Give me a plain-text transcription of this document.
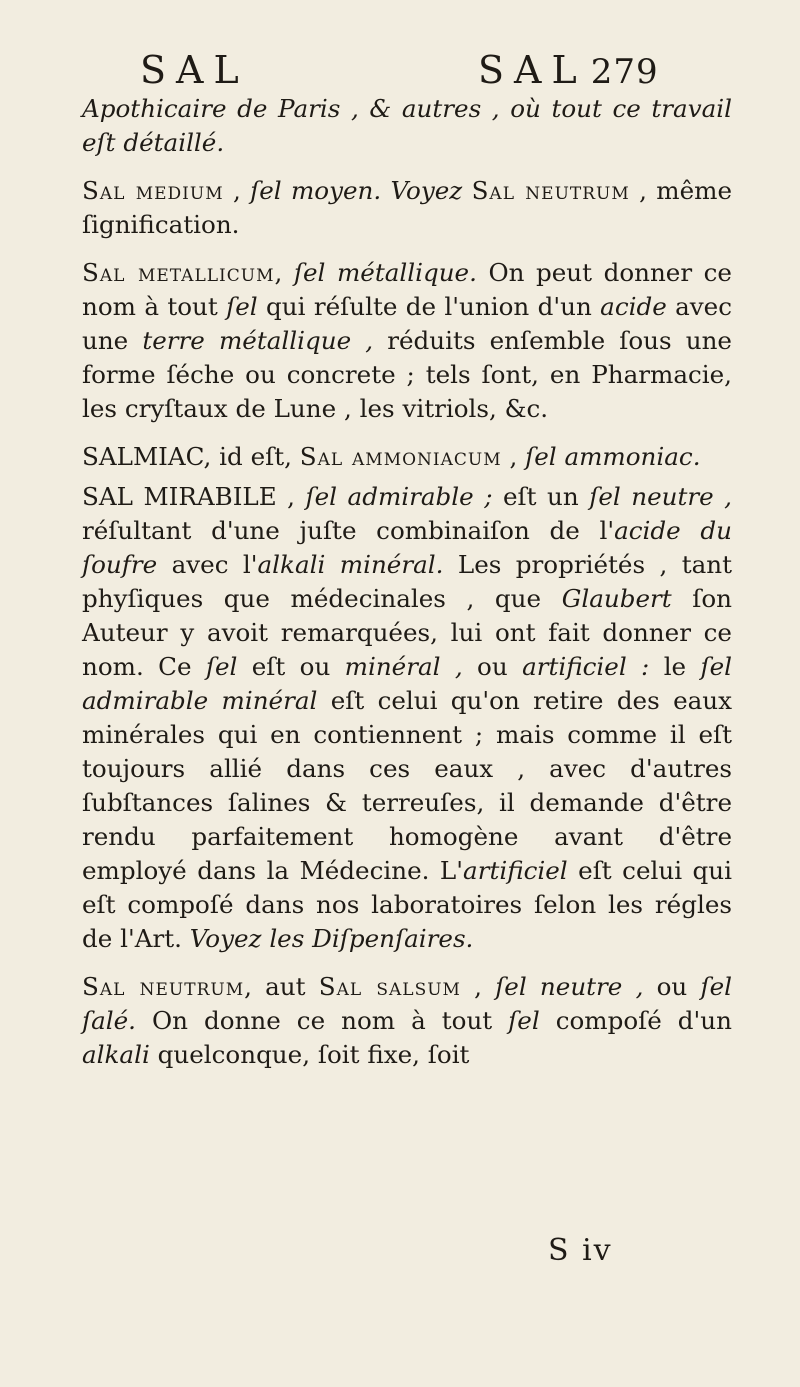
SAL	SAL 279

Apothicaire de Paris , & autres , où tout ce travail eſt détaillé.

Sal medium , ſel moyen. Voyez Sal neutrum , même ſignification.

Sal metallicum, ſel métallique. On peut donner ce nom à tout ſel qui réſulte de l'union d'un acide avec une terre métallique , réduits enſemble ſous une forme ſéche ou concrete ; tels ſont, en Pharmacie, les cryſtaux de Lune , les vitriols, &c.

SALMIAC, id eſt, Sal ammoniacum , ſel ammoniac.

SAL MIRABILE , ſel admirable ; eſt un ſel neutre , réſultant d'une juſte combinaiſon de l'acide du ſoufre avec l'alkali minéral. Les propriétés , tant phyſiques que médecinales , que Glaubert ſon Auteur y avoit remarquées, lui ont fait donner ce nom. Ce ſel eſt ou minéral , ou artificiel : le ſel admirable minéral eſt celui qu'on retire des eaux minérales qui en contiennent ; mais comme il eſt toujours allié dans ces eaux , avec d'autres ſubſtances ſalines & terreuſes, il demande d'être rendu parfaitement homogène avant d'être employé dans la Médecine. L'artificiel eſt celui qui eſt compoſé dans nos laboratoires ſelon les régles de l'Art. Voyez les Diſpenſaires.

Sal neutrum, aut Sal salsum , ſel neutre , ou ſel ſalé. On donne ce nom à tout ſel compoſé d'un alkali quelconque, ſoit fixe, ſoit

S iv
